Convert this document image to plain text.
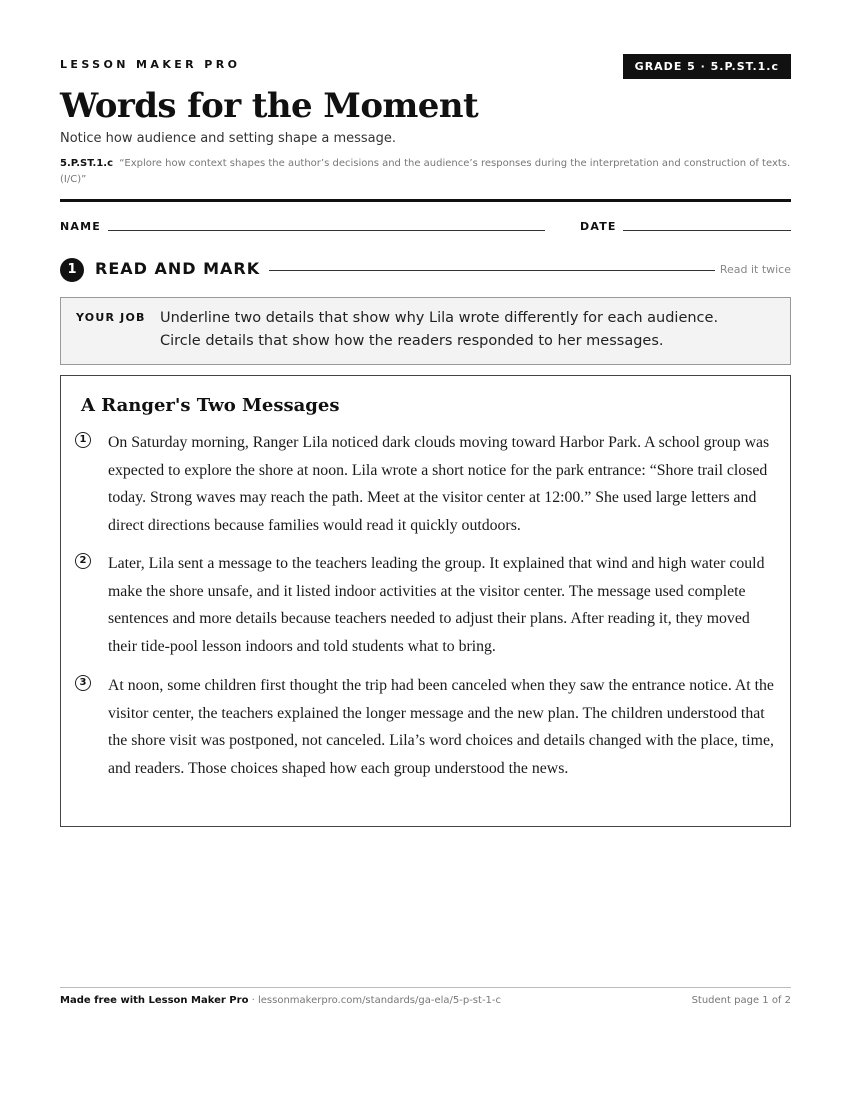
LESSON MAKER PRO	GRADE 5 · 5.P.ST.1.c
Words for the Moment
Notice how audience and setting shape a message.
5.P.ST.1.c “Explore how context shapes the author’s decisions and the audience’s responses during the interpretation and construction of texts. (I/C)”
NAME	DATE
1	READ AND MARK	Read it twice
YOUR JOB Underline two details that show why Lila wrote differently for each audience. Circle details that show how the readers responded to her messages.
A Ranger's Two Messages
1 On Saturday morning, Ranger Lila noticed dark clouds moving toward Harbor Park. A school group was expected to explore the shore at noon. Lila wrote a short notice for the park entrance: “Shore trail closed today. Strong waves may reach the path. Meet at the visitor center at 12:00.” She used large letters and direct directions because families would read it quickly outdoors.
2 Later, Lila sent a message to the teachers leading the group. It explained that wind and high water could make the shore unsafe, and it listed indoor activities at the visitor center. The message used complete sentences and more details because teachers needed to adjust their plans. After reading it, they moved their tide-pool lesson indoors and told students what to bring.
3 At noon, some children first thought the trip had been canceled when they saw the entrance notice. At the visitor center, the teachers explained the longer message and the new plan. The children understood that the shore visit was postponed, not canceled. Lila’s word choices and details changed with the place, time, and readers. Those choices shaped how each group understood the news.
Made free with Lesson Maker Pro · lessonmakerpro.com/standards/ga-ela/5-p-st-1-c	Student page 1 of 2
